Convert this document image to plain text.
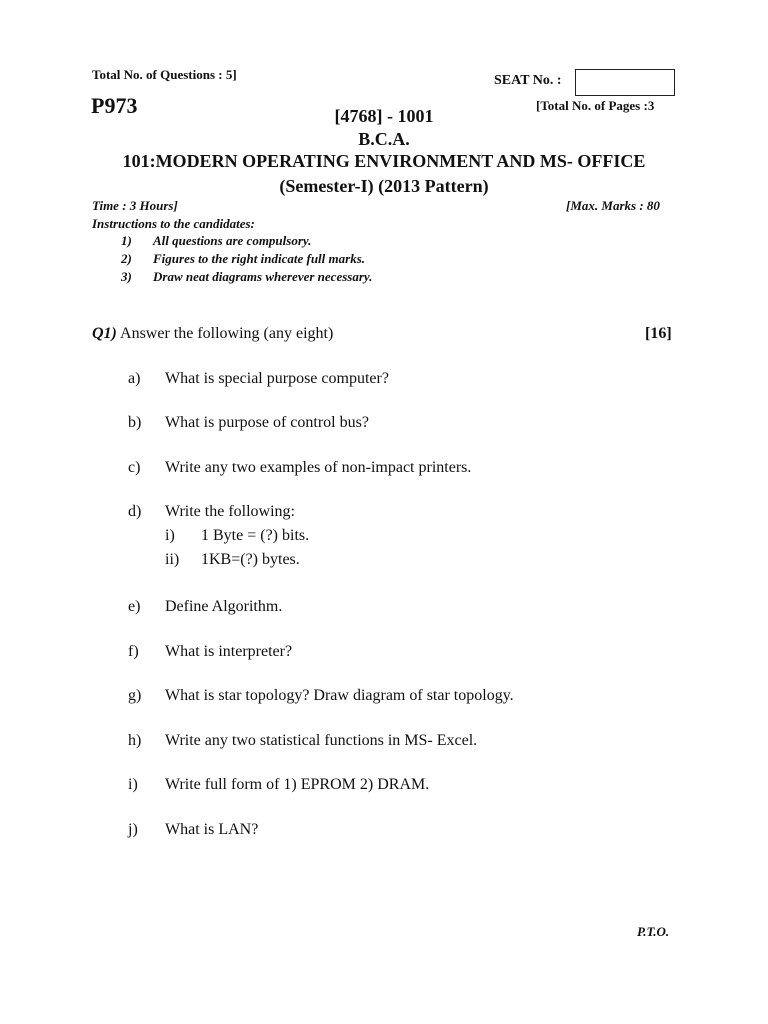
Total No. of Questions : 5]	SEAT No. :
P973	[Total No. of Pages :3
[4768] - 1001
B.C.A.
101:MODERN OPERATING ENVIRONMENT AND MS- OFFICE
(Semester-I) (2013 Pattern)
Time : 3 Hours]	[Max. Marks : 80
Instructions to the candidates:
1) All questions are compulsory.
2) Figures to the right indicate full marks.
3) Draw neat diagrams wherever necessary.
Q1) Answer the following (any eight)	[16]
a) What is special purpose computer?
b) What is purpose of control bus?
c) Write any two examples of non-impact printers.
d) Write the following:
i) 1 Byte = (?) bits.
ii) 1KB=(?) bytes.
e) Define Algorithm.
f) What is interpreter?
g) What is star topology? Draw diagram of star topology.
h) Write any two statistical functions in MS- Excel.
i) Write full form of 1) EPROM 2) DRAM.
j) What is LAN?
P.T.O.
